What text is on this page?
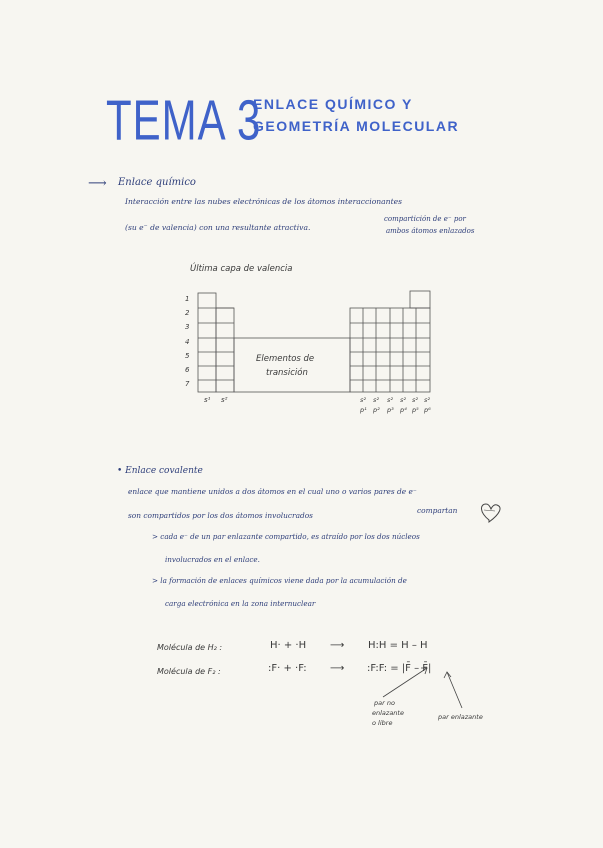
TEMA 3
ENLACE QUÍMICO Y
GEOMETRÍA MOLECULAR
⟶ Enlace químico
Interacción entre las nubes electrónicas de los átomos interaccionantes
(su e⁻ de valencia) con una resultante atractiva.
compartición de e⁻ por
ambos átomos enlazados
Última capa de valencia
1
2
3
4
5
6
7
Elementos de
transición
s¹ s²	s² s² s² s² s² s²
p¹ p² p³ p⁴ p⁵ p⁶
• Enlace covalente
enlace que mantiene unidos a dos átomos en el cual uno o varios pares de e⁻
son compartidos por los dos átomos involucrados
compartan
> cada e⁻ de un par enlazante compartido, es atraído por los dos núcleos
involucrados en el enlace.
> la formación de enlaces químicos viene dada por la acumulación de
carga electrónica en la zona internuclear
Molécula de H₂ :	H· + ·H ⟶ H:H = H – H
Molécula de F₂ :	:F· + ·F: ⟶ :F:F: = |F̄ – F̄|
par no
enlazante
o libre
par enlazante
